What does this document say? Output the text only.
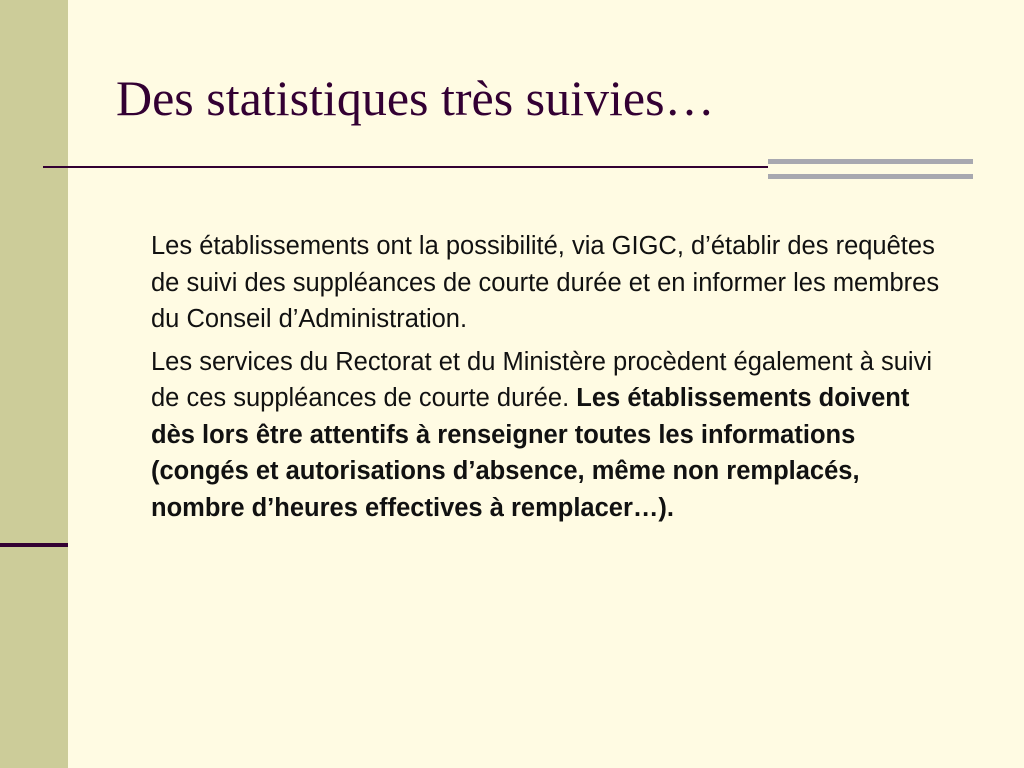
Des statistiques très suivies…

Les établissements ont la possibilité, via GIGC, d’établir des requêtes de suivi des suppléances de courte durée et en informer les membres du Conseil d’Administration.

Les services du Rectorat et du Ministère procèdent également à suivi de ces suppléances de courte durée. Les établissements doivent dès lors être attentifs à renseigner toutes les informations (congés et autorisations d’absence, même non remplacés, nombre d’heures effectives à remplacer…).
